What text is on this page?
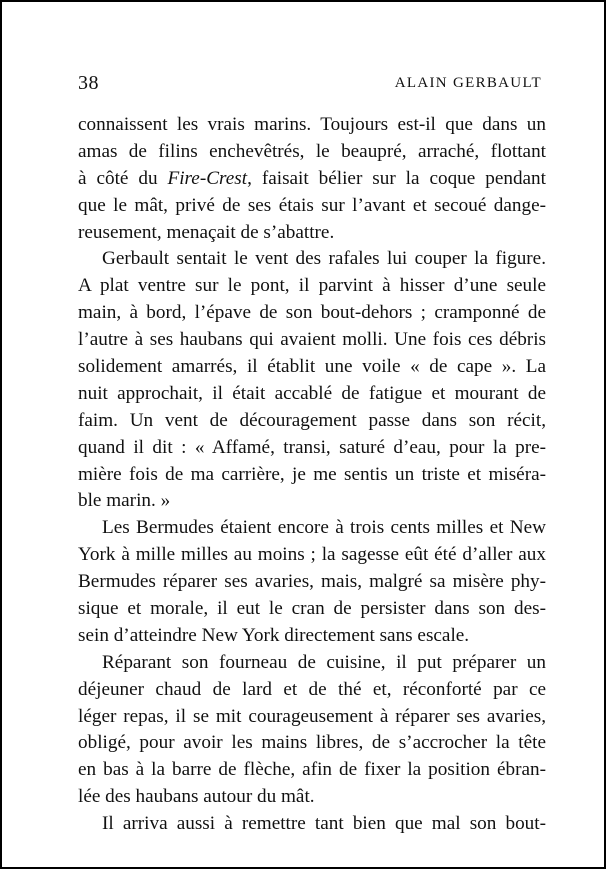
38	ALAIN GERBAULT
connaissent les vrais marins. Toujours est-il que dans un
amas de filins enchevêtrés, le beaupré, arraché, flottant
à côté du Fire-Crest, faisait bélier sur la coque pendant
que le mât, privé de ses étais sur l’avant et secoué dange-
reusement, menaçait de s’abattre.
Gerbault sentait le vent des rafales lui couper la figure.
A plat ventre sur le pont, il parvint à hisser d’une seule
main, à bord, l’épave de son bout-dehors ; cramponné de
l’autre à ses haubans qui avaient molli. Une fois ces débris
solidement amarrés, il établit une voile « de cape ». La
nuit approchait, il était accablé de fatigue et mourant de
faim. Un vent de découragement passe dans son récit,
quand il dit : « Affamé, transi, saturé d’eau, pour la pre-
mière fois de ma carrière, je me sentis un triste et miséra-
ble marin. »
Les Bermudes étaient encore à trois cents milles et New
York à mille milles au moins ; la sagesse eût été d’aller aux
Bermudes réparer ses avaries, mais, malgré sa misère phy-
sique et morale, il eut le cran de persister dans son des-
sein d’atteindre New York directement sans escale.
Réparant son fourneau de cuisine, il put préparer un
déjeuner chaud de lard et de thé et, réconforté par ce
léger repas, il se mit courageusement à réparer ses avaries,
obligé, pour avoir les mains libres, de s’accrocher la tête
en bas à la barre de flèche, afin de fixer la position ébran-
lée des haubans autour du mât.
Il arriva aussi à remettre tant bien que mal son bout-
